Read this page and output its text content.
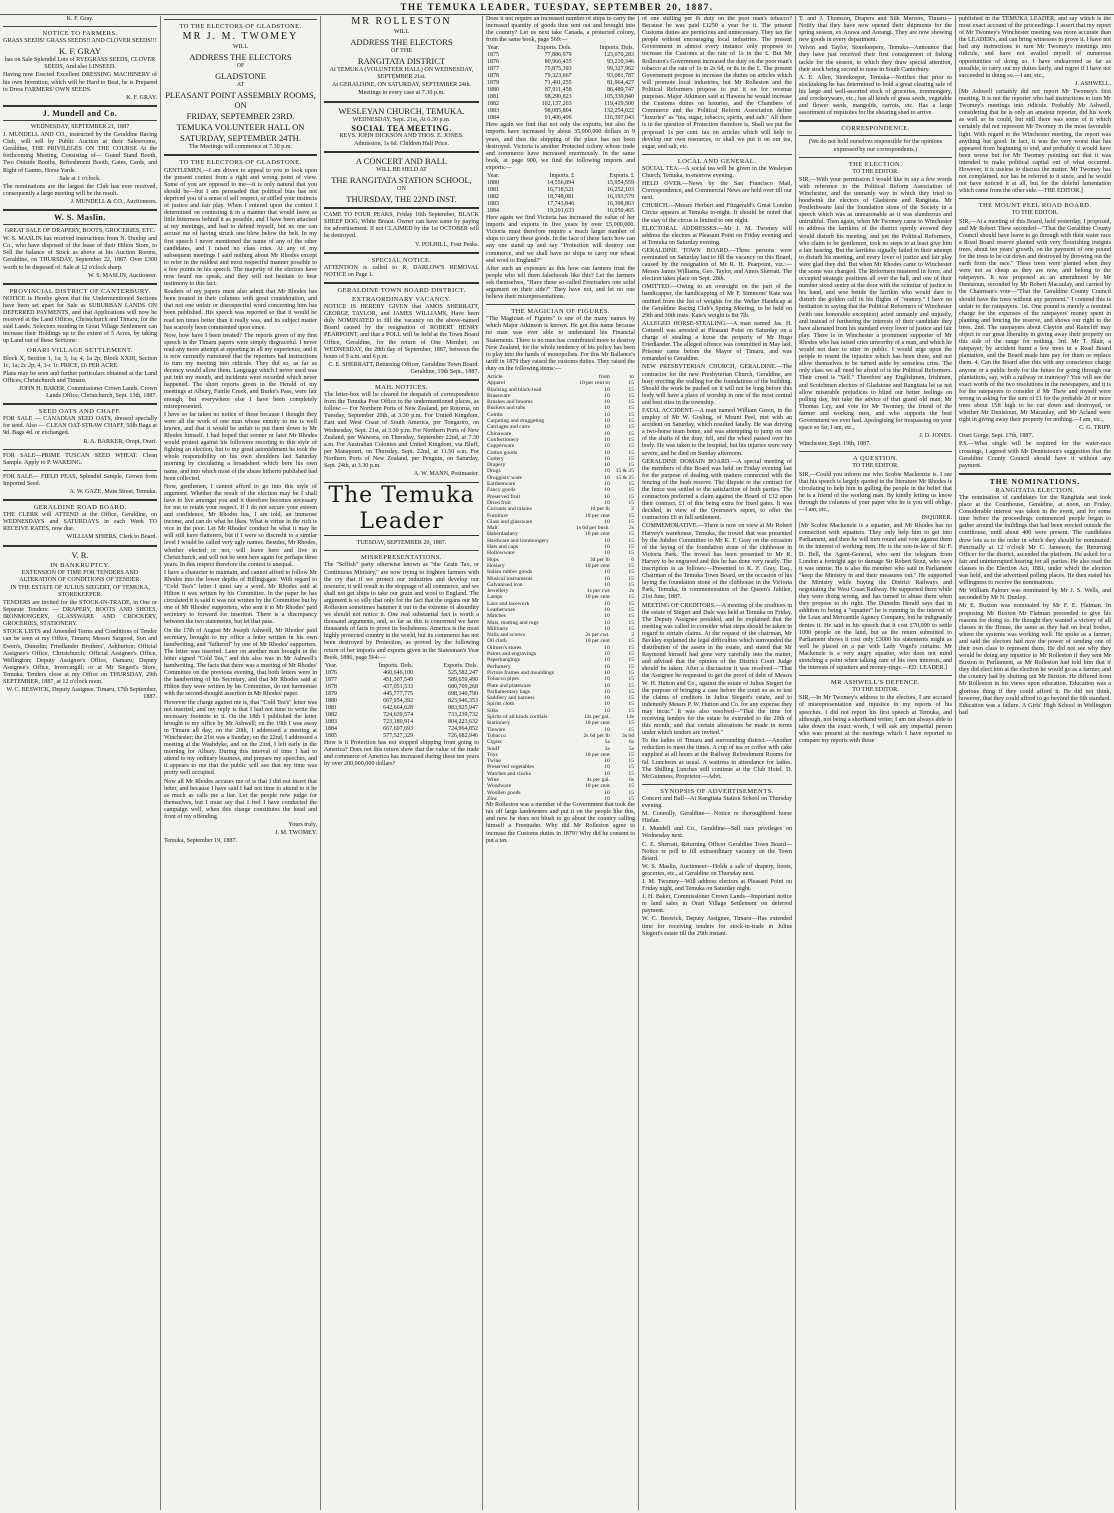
THE TEMUKA LEADER, TUESDAY, SEPTEMBER 20, 1887.

K. F. Gray.

NOTICE TO FARMERS.

GRASS SEEDS! GRASS SEEDS!! AND CLOVER SEEDS!!!

K. F. GRAY

has on Sale Splendid Lots of RYEGRASS SEEDS, CLOVER SEEDS, And also LINSEED.

Having now Erected Excellent DRESSING MACHINERY of his own Invention, which will be Hard to Beat, he is Prepared to Dress FARMERS' OWN SEEDS.

K. F. GRAY.

J. Mundell and Co.

WEDNESDAY, SEPTEMBER 21, 1887

J. MUNDELL AND CO., instructed by the Geraldine Racing Club, will sell by Public Auction at their Salesrooms, Geraldine, THE PRIVILEGES ON THE COURSE At the forthcoming Meeting, Consisting of— Grand Stand Booth, Two Outside Booths, Refreshment Booth, Gates, Cards, and Right of Games, Horse Yards.

Sale at 1 o'clock.

The nominations are the largest the Club has ever received, consequently a large meeting will be the result.

J. MUNDELL & CO., Auctioneers.

W. S. Maslin.

GREAT SALE OF DRAPERY, BOOTS, GROCERIES, ETC.

W. S. MASLIN has received instructions from N. Dunlop and Co., who have disposed of the lease of their Hilton Store, to Sell the balance of Stock as above at his Auction Rooms, Geraldine, on THURSDAY, September 22, 1887. Over £300 worth to be disposed of. Sale at 12 o'clock sharp.

W. S. MASLIN, Auctioneer.

PROVINCIAL DISTRICT OF CANTERBURY.

NOTICE is Hereby given that the Undermentioned Sections have been set apart for Sale as SUBURBAN LANDS ON DEFERRED PAYMENTS, and that Applications will now be received at the Land Offices, Christchurch and Timaru, for the said Lands. Selectors residing in Great Village Settlement can increase their Holdings up to the extent of 5 Acres, by taking up Land out of these Sections:

ORARI VILLAGE SETTLEMENT.

Block X, Section 1, 1a; 3, 1a; 4, 1a 2p; Block XXIII, Section 1c, 1a; 2c 2p; 4, 3-c 1r. PRICE, £6 PER ACRE.

Plans may be seen and further particulars obtained at the Land Offices, Christchurch and Timaru.

JOHN H. BAKER, Commissioner Crown Lands. Crown Lands Office, Christchurch, Sept. 13th, 1887.

SEED OATS AND CHAFF.

FOR SALE — CANADIAN SEED OATS, dressed specially for seed. Also — CLEAN OAT-STRAW CHAFF, 50lb Bags at 9d. Bags 4d. or exchanged.

R. A. BARKER, Oropi, Orari.

FOR SALE—PRIME TUSCAN SEED WHEAT. Clean Sample. Apply to P. WAREING.

FOR SALE— FIELD PEAS, Splendid Sample, Grown from Imported Seed.

A. W. GAZE, Main Street, Temuka.

GERALDINE ROAD BOARD.

THE CLERK will ATTEND at the Office, Geraldine, on WEDNESDAYS and SATURDAYS in each Week TO RECEIVE RATES, now due.

WILLIAM SHIERS, Clerk to Board.

V. R.

IN BANKRUPTCY.

EXTENSION OF TIME FOR TENDERS AND ALTERATION OF CONDITIONS OF TENDER.

IN THE ESTATE OF JULIUS SIEGERT, OF TEMUKA, STOREKEEPER.

TENDERS are invited for the STOCK-IN-TRADE, in One or Separate Tenders: — DRAPERY, BOOTS AND SHOES, IRONMONGERY, GLASSWARE AND CROCKERY, GROCERIES, STATIONERY.

STOCK LISTS and Amended Terms and Conditions of Tender can be seen at my Office, Timaru; Messrs Sargood, Son and Ewen's, Dunedin; Friedlander Brothers', Ashburton; Official Assignee's Office, Christchurch; Official Assignee's Office, Wellington; Deputy Assignee's Office, Oamaru; Deputy Assignee's Office, Invercargill; or at Mr Siegert's Store, Temuka. Tenders close at my Office on THURSDAY, 29th SEPTEMBER, 1887, at 12 o'clock noon.

W. C. BESWICK, Deputy Assignee. Timaru, 17th September, 1887.

TO THE ELECTORS OF GLADSTONE.

MR J. M. TWOMEY

WILL

ADDRESS THE ELECTORS

OF

GLADSTONE

AT

PLEASANT POINT ASSEMBLY ROOMS, ON

FRIDAY, SEPTEMBER 23RD.

TEMUKA VOLUNTEER HALL ON

SATURDAY, SEPTEMBER 24TH.

The Meetings will commence at 7.30 p.m.

TO THE ELECTORS OF GLADSTONE.

GENTLEMEN,—I am driven to appeal to you to look upon the present contest from a right and wrong point of view. Some of you are opposed to me—it is only natural that you should be—but I am persuaded that political bias has not deprived you of a sense of self respect, or stifled your instincts of justice and fair play. When I entered upon the contest I determined on contesting it in a manner that would leave as little bitterness behind it as possible, and I have been attacked at my meetings, and had to defend myself, but no one can accuse me of having struck one blow below the belt. In my first speech I never mentioned the name of any of the other candidates, and I raised no class cries. At any of my subsequent meetings I said nothing about Mr Rhodes except to refer in the mildest and most respectful manner possible to a few points in his speech. The majority of the electors have now heard me speak, and they will not hesitate to bear testimony to this fact.

Readers of my papers must also admit that Mr Rhodes has been treated in their columns with great consideration, and that not one unfair or disrespectful word concerning him has been published. His speech was reported so that it would be read ten times better than it really was, and its subject matter has scarcely been commented upon since.

Now, how have I been treated? The reports given of my first speech in the Timaru papers were simply disgraceful. I never read any more attempt at reporting in all my experience, and it is now currently rumoured that the reporters had instructions to turn my meeting into ridicule. They did so, as far as decency would allow them. Language which I never used was put into my mouth, and incidents were recorded which never happened. The short reports given in the Herald of my meetings at Albury, Fairlie Creek, and Burke's Pass, were fair enough, but everywhere else I have been completely misrepresented.

I have so far taken no notice of these because I thought they were all the work of one man whose enmity to me is well known, and that it would be unfair to put them down to Mr Rhodes himself. I had hoped that sooner or later Mr Rhodes would protest against his followers resorting to this style of fighting an election, but to my great astonishment he took the whole responsibility on his own shoulders last Saturday morning by circulating a broadsheet which bore his own name, and into which most of the abuse hitherto published had been collected.

Now, gentlemen, I cannot afford to go into this style of argument. Whether the result of the election may be I shall have to live amongst you and it therefore becomes necessary for me to retain your respect. If I do not secure your esteem and confidence, Mr Rhodes has, I am told, an immense income, and can do what he likes. What is virtue in the rich is vice in the poor. Let Mr Rhodes' conduct be what it may he will still have flatterers, but if I were so discredit to a similar level I would be called very ugly names. Besides, Mr Rhodes, whether elected or not, will leave here and live in Christchurch, and will not be seen here again for perhaps three years. In this respect therefore the contest is unequal.

I have a character to maintain, and cannot afford to follow Mr Rhodes into the lower depths of Billingsgate. With regard to "Cold Tea's" letter I must say a word. Mr Rhodes said at Hilton it was written by his Committee. In the paper he has circulated it is said it was not written by the Committee but by one of Mr Rhodes' supporters, who sent it to Mr Rhodes' paid secretary to forward for insertion. There is a discrepancy between the two statements, but let that pass.

On the 17th of August Mr Joseph Ashwell, Mr Rhodes' paid secretary, brought to my office a letter written in his own handwriting, and "fathered" by one of Mr Rhodes' supporters. The letter was inserted. Later on another man brought in the letter signed "Cold Tea," and this also was in Mr Ashwell's handwriting. The facts that there was a meeting of Mr Rhodes' Committee on the previous evening, that both letters were in the handwriting of his Secretary, and that Mr Rhodes said at Hilton they were written by his Committee, do not harmonise with the second-thought assertion in Mr Rhodes' paper.

However the charge against me is, that "Cold Tea's" letter was not inserted, and my reply is that I had not time to write the necessary footnote to it. On the 18th I published the letter brought to my office by Mr Ashwell; on the 19th I was away in Timaru all day; on the 20th, I addressed a meeting at Winchester; the 21st was a Sunday; on the 22nd, I addressed a meeting at the Washdyke, and on the 23rd, I left early in the morning for Albury. During this interval of time I had to attend to my ordinary business, and prepare my speeches, and it appears to me that the public will see that my time was pretty well occupied.

Now all Mr Rhodes accuses me of is that I did not insert that letter, and because I have said I had not time to attend to it he as much as calls me a liar. Let the people now judge for themselves, but I must say that I feel I have conducted the campaign well, when this charge constitutes the head and front of my offending.

Yours truly,

J. M. TWOMEY.

Temuka, September 19, 1887.

MR ROLLESTON

WILL

ADDRESS THE ELECTORS

OF THE

RANGITATA DISTRICT

At TEMUKA (VOLUNTEER HALL) ON WEDNESDAY, SEPTEMBER 21st.

At GERALDINE, ON SATURDAY, SEPTEMBER 24th.

Meetings in every case at 7.30 p.m.

WESLEYAN CHURCH, TEMUKA.

WEDNESDAY, Sept. 21st, At 6.30 p.m.

SOCIAL TEA MEETING.

REVS. JOHN DICKSON AND THOS. E. JONES.

Admission, 1s 6d. Children Half Price.

A CONCERT AND BALL

WILL BE HELD AT

THE RANGITATA STATION SCHOOL,

ON

THURSDAY, THE 22ND INST.

CAME TO FOUR PEAKS, Friday 16th September, BLACK SHEEP DOG, White Breast. Owner can have same by paying for advertisement. If not CLAIMED by the 1st OCTOBER will be destroyed.

V. POLHILL, Four Peaks.

SPECIAL NOTICE.

ATTENTION is called to R. DARLOW'S REMOVAL NOTICE on Page 1.

GERALDINE TOWN BOARD DISTRICT.
EXTRAORDINARY VACANCY.

NOTICE IS HEREBY GIVEN that AMOS SHERRATT, GEORGE TAYLOR, and JAMES WILLIAMS, Have been duly NOMINATED to fill the vacancy on the above-named Board caused by the resignation of ROBERT HENRY PEARPOINT, and that a POLL will be held at the Town Board Office, Geraldine, for the return of One Member, on WEDNESDAY, the 28th day of September, 1887, between the hours of 9 a.m. and 6 p.m.

C. E. SHERRATT, Returning Officer, Geraldine Town Board. Geraldine, 19th Sept., 1887.

MAIL NOTICES.

The letter-box will be cleared for despatch of correspondence from the Temuka Post Office to the undermentioned places, as follow:— For Northern Ports of New Zealand, per Rotorua, on Tuesday, September 20th, at 3.30 p.m. For United Kingdom, East and West Coast of South America, per Tongariro, on Wednesday, Sept. 21st, at 3.30 p.m. For Northern Ports of New Zealand, per Waiwera, on Thursday, September 22nd, at 7.30 a.m. For Australian Colonies and United Kingdom, via Bluff, per Manapouri, on Thursday, Sept. 22nd, at 11.50 a.m. For Northern Ports of New Zealand, per Penguin, on Saturday, Sept. 24th, at 3.30 p.m.

A. W. MANN, Postmaster.

The Temuka Leader

TUESDAY, SEPTEMBER 20, 1887.

MISREPRESENTATIONS.

The "Selfish" party otherwise known as "the Grain Tax, or Continuous Ministry," are now trying to frighten farmers with the cry that if we protect our industries and develop our resource, it will result in the stoppage of all commerce, and we shall not get ships to take our grain and wool to England. The argument is so silly that only for the fact that the organs our Mr Rolleston sometimes hammer it out to the extreme of absurdity we should not notice it. One real substantial fact is worth a thousand arguments, and, so far as this is concerned we have thousands of facts to prove its foolishness. America is the most highly protected country in the world, but its commerce has not been destroyed by Protection, as proved by the following return of her imports and exports given in the Statesman's Year Book, 1886, page 564:—

Year.	Imports. Dols.	Exports. Dols.
1876	460,646,100	525,582,247
1877	451,307,549	589,659,490
1878	437,051,533	680,709,268
1879	445,777,775	698,340,790
1880	667,954,392	823,946,353
1881	642,664,628	883,925,947
1882	724,639,574	733,239,732
1883	723,180,914	804,223,632
1884	667,697,693	724,964,852
1885	577,527,329	726,682,946

How is it Protection has not stopped shipping from going to America? Does not this return show that the value of the trade and commerce of America has increased during these ten years by over 200,000,000 dollars?

Does it not require an increased number of ships to carry the increased quantity of goods thus sent out and brought into the country? Let us next take Canada, a protected colony, from the same book, page 569:—

Year.	Exports. Dols.	Imports. Dols.
1875	77,886,979	123,070,283
1876	80,966,435	93,210,346
1877	75,875,393	99,327,962
1878	79,323,667	93,081,787
1879	71,491,255	81,964,427
1880	87,911,458	86,489,747
1881	98,290,823	105,330,840
1882	102,137,203	119,419,500
1883	98,085,804	132,254,022
1884	91,406,496	116,397,043

Here again we find that not only the exports, but also the imports have increased by about 35,000,000 dollars in 9 years, and thus the shipping of the place has not been destroyed. Victoria is another Protected colony whose trade and commerce have increased enormously. In the same book, at page 900, we find the following imports and exports:—

Year.	Imports. £	Exports. £
1880	14,556,894	15,954,559
1881	16,718,521	16,252,103
1882	18,748,081	16,193,579
1883	17,743,846	16,398,863
1884	19,201,633	16,050,465

Here again we find Victoria has increased the value of her imports and exports in five years by over £5,000,000. Victoria must therefore require a much larger number of ships to carry these goods. In the face of these facts how can any one stand up and say "Protection will destroy our commerce, and we shall have no ships to carry our wheat and wool to England?"

After such an exposure as this how can farmers trust the people who tell them falsehoods like this? Let the farmers ask themselves, "Have these so-called Freetraders one solid argument on their side?" They have not, and let no one believe their misrepresentations.

THE MAGICIAN OF FIGURES.

"The Magician of Figures" is one of the many names by which Major Atkinson is known. He got this name because no man was ever able to understand his Financial Statements. There is no man has contributed more to destroy New Zealand, for the whole tendency of his policy has been to play into the hands of monopolists. For this Mr Ballance's tariff in 1879 they raised the customs duties. They raised the duty on the following items:—

Article	from	to
Apparel	10 per cent to	15
Blacking and black-lead	10	15
Brassware	10	15
Brushes and brooms	10	15
Buckets and tubs	10	15
Combs	10	15
Carpeting and druggeting	10	15
Carriages and carts	10	15
Chinaware	10	15
Confectionery	10	15
Copperware	10	15
Cotton goods	10	15
Cutlery	10	15
Drapery	10	15
Drugs	10	15 & 25
Druggists' ware	10	15 & 25
Earthenware	10	15
Fancy goods	10	15
Preserved fruit	10	15
Dried fruit	10	15
Currants and raisins	1d per lb	2
Furniture	10 per cent	15
Glass and glassware	10	15
Malt	1s 6d per bush.	2s
Haberdashery	10 per cent	15
Hardware and ironmongery	10	15
Hats and caps	10	15
Hollowware	10	15
Hops	3d per lb	6
Hosiery	10 per cent	15
Indian rubber goods	10	15
Musical instruments	10	15
Galvanised iron	10	15
Jewellery	1s per cwt	2s
Lamps	10 per cent	15
Lace and lacework	10	15
Leatherware	10	15
Matches	10	15
Mats, matting and rugs	10	15
Millinery	10	15
Nails and screws	2s per cwt.	3
Oil cloth	10 per cent	15
Oilmen's stores	10	15
Paints and engravings	10	15
Paperhangings	10	15
Perfumery	10	15
Picture frames and mouldings	10	15
Tobacco pipes	10	15
Plate and plateware	10	15
Parliamentary bags	10	15
Saddlery and harness	10	15
Spirits cloth	10	15
Silks	10	15
Spirits of all kinds cordials	12s per gal.	14s
Stationery	10 per cent	15
Tinware	10	15
Tobacco	2s 6d per lb	3s 6d
Cigars	5s	6s
Snuff	3s	5s
Toys	10 per cent	15
Twine	10	15
Preserved vegetables	10	15
Watches and clocks	10	15
Wine	4s per gal.	6s
Woodware	10 per cent	15
Woollen goods	10	15
Zinc	10	15

Mr Rolleston was a member of the Government that took the tax off large landowners and put it on the people like this, and now he does not blush to go about the country calling himself a Freetrader. Why did Mr Rolleston agree to increase the Customs duties in 1879? Why did he consent to put a tax

of one shilling per lb duty on the poor man's tobacco? Because he was paid £1250 a year for it. The present Customs duties are pernicious and unnecessary. They tax the people without encouraging local industries. The present Government in almost every instance only proposes to increase the Customs at the rate of 1s in the £. But Mr Rolleston's Government increased the duty on the poor man's tobacco at the rate of 1s in 2s 6d, or 8s in the £. The present Government propose to increase the duties on articles which will promote local industries, but Mr Rolleston and the Political Reformers propose to put it on for revenue purposes. Major Atkinson said at Hawera he would increase the Customs duties on luxuries, and the Chambers of Commerce and the Political Reform Association define "luxuries" as "tea, sugar, tobacco, spirits, and salt." All there is in the question of Protection therefore is, Shall we put the proposed 1s per cent. tax on articles which will help to develop our own resources, or shall we put it on our tea, sugar, and salt, etc.

LOCAL AND GENERAL.

SOCIAL TEA.—A social tea will be given in the Wesleyan Church, Temuka, to-morrow evening.

HELD OVER.—News by the San Francisco Mail, Correspondence, and Commercial News are held over till our next.

CHURCH.—Messrs Herbert and Fitzgerald's Great London Circus appears at Temuka to-night. It should be noted that the stay of the circus is limited to one night.

ELECTORAL ADDRESSES.—Mr J. M. Twomey will address the electors at Pleasant Point on Friday evening and at Temuka on Saturday evening.

GERALDINE TOWN BOARD.—Three persons were nominated on Saturday last to fill the vacancy on this Board, caused by the resignation of Mr R. H. Pearpoint, viz.:—Messrs James Williams, Geo. Taylor, and Amos Sherratt. The election takes place on Sept. 28th.

OMITTED.—Owing to an oversight on the part of the handicapper, the handicapping of Mr F. Simmons' Kate was omitted from the list of weights for the Welter Handicap at the Geraldine Racing Club's Spring Meeting, to be held on 29th and 30th insts. Kate's weight is 8st 7lb.

ALLEGED HORSE-STEALING.—A man named Jas. H. Cotterell was arrested at Pleasant Point on Saturday on a charge of stealing a horse the property of Mr Hugo Friedlander. The alleged offence was committed in May last. Prisoner came before the Mayor of Timaru, and was remanded to Geraldine.

NEW PRESBYTERIAN CHURCH, GERALDINE.—The contractor for the new Presbyterian Church, Geraldine, are busy erecting the walling for the foundations of the building. Should the work be pushed on it will not be long before this body will have a place of worship in one of the most central and best sites in the township.

FATAL ACCIDENT.—A man named William Green, in the employ of Mr W. Gosling, of Mount Peel, met with an accident on Saturday, which resulted fatally. He was driving a two-horse team home, and was attempting to jump on one of the shafts of the dray, fell, and the wheel passed over his body. He was taken to the hospital, but his injuries were very severe, and he died on Sunday afternoon.

GERALDINE DOMAIN BOARD.—A special meeting of the members of this Board was held on Friday evening last for the purpose of dealing with matters connected with the fencing of the bush reserve. The dispute re the contract for the fence was settled to the satisfaction of both parties. The contractors preferred a claim against the Board of £12 upon their contract, £1 of this being extra for fixed gates. It was decided, in view of the Overseer's report, to offer the contractors £6 in full settlement.

COMMEMORATIVE.—There is now on view at Mr Robert Harvey's warehouse, Temuka, the trowel that was presented by the Jubilee Committee to Mr K. F. Gray on the occasion of the laying of the foundation stone of the clubhouse in Victoria Park. The trowel has been presented to Mr R. Harvey to be engraved and this he has done very neatly. The inscription is as follows:—Presented to K. F. Gray, Esq., Chairman of the Temuka Town Board, on the occasion of his laying the foundation stone of the clubhouse in the Victoria Park, Temuka, in commemoration of the Queen's Jubilee, 21st June, 1887.

MEETING OF CREDITORS.—A meeting of the creditors in the estate of Siegert and Dale was held at Temuka on Friday. The Deputy Assignee presided, and he explained that the meeting was called to consider what steps should be taken in regard to certain claims. At the request of the chairman, Mr Beckley explained the legal difficulties which surrounded the distribution of the assets in the estate, and stated that Mr Raymond himself had gone very carefully into the matter, and advised that the opinion of the District Court Judge should be taken. After a discussion it was resolved—"That the Assignee be requested to get the proof of debt of Messrs W. H. Hutton and Co., against the estate of Julius Siegert for the purpose of bringing a case before the court so as to test the claims of creditors in Julius Siegert's estate, and to indemnify Messrs P. W. Hutton and Co. for any expense they may incur." It was also resolved—"That the time for receiving tenders for the estate be extended to the 29th of this month, and that certain alterations be made in terms under which tenders are invited."

To the ladies of Timaru and surrounding district.—Another reduction to meet the times. A cup of tea or coffee with cake supplied at all hours at the Railway Refreshment Rooms for 6d. Luncheon as usual. A waitress in attendance for ladies. The Shilling Lunches still continue at the Club Hotel. D. McGuinness, Proprietor.—Advt.

SYNOPSIS OF ADVERTISEMENTS.

Concert and Ball—At Rangitata Station School on Thursday evening.

M. Connolly, Geraldine— Notice re thoroughbred horse Hinlan.

J. Mundell and Co., Geraldine—Sell race privileges on Wednesday next.

C. E. Sherratt, Returning Officer Geraldine Town Board—Notice re poll to fill extraordinary vacancy on the Town Board.

W. S. Maslin, Auctioneer—Holds a sale of drapery, boots, groceries, etc., at Geraldine on Thursday next.

J. M. Twomey—Will address electors at Pleasant Point on Friday night, and Temuka on Saturday night.

J. H. Baker, Commissioner Crown Lands—Important notice re land sales in Orari Village Settlement on deferred payment.

W. C. Beswick, Deputy Assignee, Timaru—Has extended time for receiving tenders for stock-in-trade in Julius Siegert's estate till the 29th instant.

T. and J. Thomson, Drapers and Silk Mercers, Timaru—Notify that they have now opened their shipments for the spring season, ex Arawa and Aorangi. They are now showing new goods in every department.

Velvin and Taylor, Storekeepers, Temuka—Announce that they have just received their first consignment of fishing tackle for the season, to which they draw special attention, their stock being second to none in South Canterbury.

A. E. Allen, Storekeeper, Temuka—Notifies that prior to stocktaking he has determined to hold a great clearing sale of his large and well-assorted stock of groceries, ironmongery, and crockeryware, etc.; has all kinds of grass seeds, vegetable and flower seeds, mangolds, carrots, etc. Has a large assortment of requisites for the shearing shed to arrive.

CORRESPONDENCE.

(We do not hold ourselves responsible for the opinions expressed by our correspondents.)

THE ELECTION.

TO THE EDITOR.

SIR,—With your permission I would like to say a few words with reference to the Political Reform Association of Winchester, and the unmanly way in which they tried to hoodwink the electors of Gladstone and Rangitata. Mr Postlethwaite laid the foundation stone of the Society in a speech which was as unreasonable as it was slanderous and untruthful. Then again, when Mr Twomey came to Winchester to address the larrikins of the district openly avowed they would disturb his meeting, and yet the Political Reformers, who claim to be gentlemen, took no steps to at least give him a fair hearing. But the larrikins signally failed in their attempt to disturb his meeting, and every lover of justice and fair play were glad they did. But when Mr Rhodes came to Winchester the scene was changed. The Reformers mustered in force, and occupied strategic positions all over the hall, and one of their number stood sentry at the door with the scimitar of justice in his hand, and woe betide the larrikin who would dare to disturb the golden calf in his flights of "oratory." I have no hesitation in saying that the Political Reformers of Winchester (with one honorable exception) acted unmanly and unjustly, and instead of furthering the interests of their candidate they have alienated from his standard every lover of justice and fair play. There is in Winchester a prominent supporter of Mr Rhodes who has raised cries unworthy of a man, and which he would not dare to utter in public. I would urge upon the people to resent the injustice which has been done, and not allow themselves to be turned aside by senseless cries. The only class we all need be afraid of is the Political Reformers. Their creed is "Self." Therefore any Englishmen, Irishmen, and Scotchmen electors of Gladstone and Rangitata let us not allow miserable prejudices to blind our better feelings on polling day, but take the advice of that grand old man, Mr Thomas Ley, and vote for Mr Twomey, the friend of the farmer and working men, and who supports the best Government we ever had. Apologising for trespassing on your space so far, I am, etc.,

J. D. JONES.

Winchester, Sept. 19th, 1887.

A QUESTION.

TO THE EDITOR.

SIR,—Could you inform me who Scobie Mackenzie is. I see that his speech is largely quoted in the literature Mr Rhodes is circulating to help him in gulling the people in the belief that he is a friend of the working man. By kindly letting us know through the columns of your paper who he is you will oblige.—I am, etc.,

INQUIRER.

[Mr Scobie Mackenzie is a squatter, and Mr Rhodes has no connection with squatters. They only help him to get into Parliament, and then he will turn round and vote against them in the interest of working men. He is the son-in-law of Sir F. D. Bell, the Agent-General, who sent the telegram from London a fortnight ago to damage Sir Robert Stout, who says it was untrue. He is also the member who said in Parliament "keep the Ministry in and their measures out." He supported the Ministry while buying the District Railways and negotiating the West Coast Railway. He supported them while they were doing wrong, and has turned to abuse them when they propose to do right. The Dunedin Herald says that in addition to being a "squatter" he is running in the interest of the Loan and Mercantile Agency Company, but he indignantly denies it. He said in his speech that it cost £70,000 to settle 1000 people on the land, but as the return submitted to Parliament shows it cost only £3000 his statements might as well be placed on a par with Lady Vogel's curtains. Mr Mackenzie is a very angry squatter, who does not mind stretching a point when talking care of his own interests, and the interests of squatters and money-rings.—ED. LEADER.]

MR ASHWELL'S DEFENCE.

TO THE EDITOR.

SIR,—In Mr Twomey's address to the electors, I am accused of misrepresentation and injustice in my reports of his speeches. I did not report his first speech at Temuka, and although, not being a shorthand writer, I am not always able to take down the exact words, I will ask any impartial person who was present at the meetings which I have reported to compare my reports with those

published in the TEMUKA LEADER, and say which is the most exact account of the proceedings. I assert that my report of Mr Twomey's Winchester meeting was more accurate than the LEADER's, and can bring witnesses to prove it. I have not had any instructions to turn Mr Twomey's meetings into ridicule, and have not availed myself of numerous opportunities of doing so. I have endeavored as far as possible, to carry out my duties fairly, and regret if I have not succeeded in doing so.—I am, etc.,

J. ASHWELL.

[Mr Ashwell certainly did not report Mr Twomey's first meeting. It is not the reporter who had instructions to turn Mr Twomey's meetings into ridicule. Probably Mr Ashwell, considering that he is only an amateur reporter, did his work as well as he could, but still there was some of it which certainly did not represent Mr Twomey in the most favorable light. With regard to the Winchester meeting, the report was anything but good. In fact, it was the very worst that has appeared from beginning to end, and probably it would have been worse but for Mr Twomey pointing out that it was intended to make political capital out of what occurred. However, it is useless to discuss the matter. Mr Twomey has not complained, nor has he referred to it since, and he would not have noticed it at all, but for the doleful lamentation which came from the other side.—THE EDITOR.]

THE MOUNT PEEL ROAD BOARD.

TO THE EDITOR.

SIR,—At a meeting of this Board, held yesterday, I proposed, and Mr Robert Thew seconded—"That the Geraldine County Council should have leave to go through with their water race a Road Board reserve planted with very flourishing insignis trees, about ten years' growth, on the payment of one pound for the trees to be cut down and destroyed by throwing out the earth from the race." These trees were planted when they were not as cheap as they are now, and belong to the ratepayers. It was proposed as an amendment by Mr Denistoun, seconded by Mr Robert Macaulay, and carried by the Chairman's vote—"That the Geraldine County Council should have the trees without any payment." I contend this is unfair to the ratepayers. 1st. One pound is merely a nominal charge for the expenses of the ratepayers' money spent in planting and fencing the reserve, and shows our right to the trees. 2nd. The ratepayers about Clayton and Raincliff may object to our great liberality in giving away their property on this side of the range for nothing. 3rd. Mr T. Blair, a ratepayer, by accident burnt a few trees in a Road Board plantation, and the Board made him pay for them or replace them. 4. Can the Board after this with any conscience charge anyone or a public body for the future for going through our plantations, say, with a railway or tramway? You will see the exact words of the two resolutions in the newspapers, and it is for the ratepayers to consider if Mr Thew and myself were wrong in asking for the sum of £1 for the probable 20 or more trees about 15ft high to be cut down and destroyed, or whether Mr Denistoun, Mr Macaulay, and Mr Acland were right in giving away their property for nothing.—I am, etc.,

C. G. TRIPP.

Orari Gorge, Sept. 17th, 1887.

P.S.—What single will be required for the water-race crossings, I agreed with Mr Dennistoun's suggestion that the Geraldine County Council should have it without any payment.

THE NOMINATIONS.

RANGITATA ELECTION.

The nomination of candidates for the Rangitata seat took place at the Courthouse, Geraldine, at noon, on Friday. Considerable interest was taken in the event, and for some time before the proceedings commenced people began to gather around the buildings that had been erected outside the courthouse, until about 400 were present. The candidates drew lots as to the order in which they should be nominated. Punctually at 12 o'clock Mr C. Jameson, the Returning Officer for the district, ascended the platform. He asked for a fair and uninterrupted hearing for all parties. He also read the clauses in the Election Act, 1881, under which the election was held, and the advertised polling places. He then stated his willingness to receive the nominations.

Mr William Palmer was nominated by Mr J. S. Wells, and seconded by Mr N. Dunlop.

Mr E. Buxton was nominated by Mr F. E. Flatman. In proposing Mr Buxton Mr Flatman proceeded to give his reasons for doing so. He thought they wanted a victory of all classes in the House, the same as they had on local bodies, where the systems was working well. He spoke as a farmer, and said the electors had now the power of sending one of their own class to represent them. He did not see why they would be doing any injustice to Mr Rolleston if they sent Mr Buxton to Parliament, as Mr Rolleston had told him that if they did elect him at the election he would go as a farmer, and the country had by shutting out Mr Buxton. He differed from Mr Rolleston in his views upon education. Education was a glorious thing if they could afford it. He did not think, however, that they could afford to go beyond the 6th standard. Education was a failure. A Girls' High School in Wellington had
